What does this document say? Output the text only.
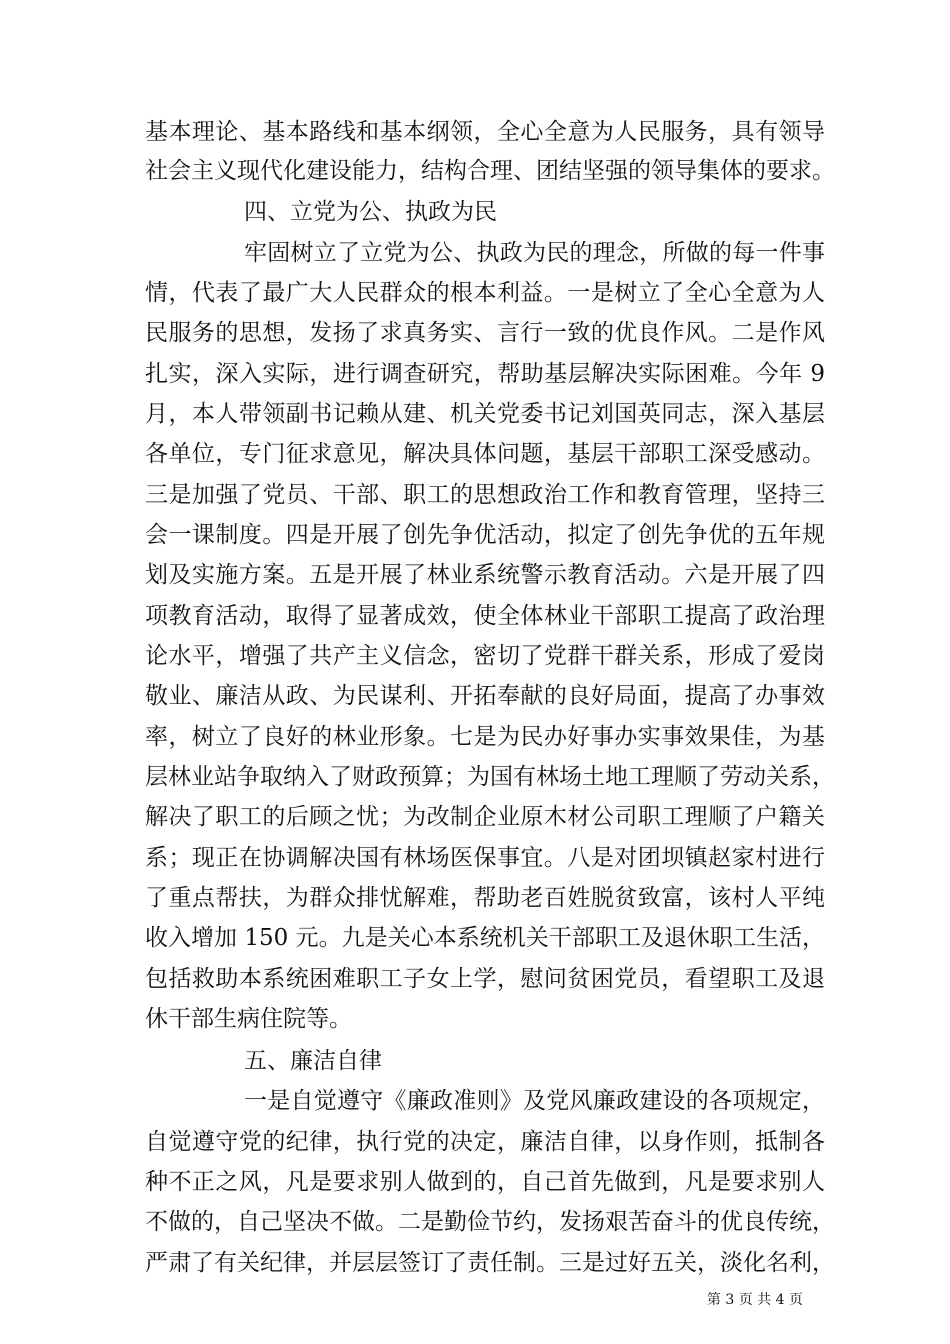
基本理论、基本路线和基本纲领，全心全意为人民服务，具有领导
社会主义现代化建设能力，结构合理、团结坚强的领导集体的要求。
四、立党为公、执政为民
牢固树立了立党为公、执政为民的理念，所做的每一件事
情，代表了最广大人民群众的根本利益。一是树立了全心全意为人
民服务的思想，发扬了求真务实、言行一致的优良作风。二是作风
扎实，深入实际，进行调查研究，帮助基层解决实际困难。今年 9
月，本人带领副书记赖从建、机关党委书记刘国英同志，深入基层
各单位，专门征求意见，解决具体问题，基层干部职工深受感动。
三是加强了党员、干部、职工的思想政治工作和教育管理，坚持三
会一课制度。四是开展了创先争优活动，拟定了创先争优的五年规
划及实施方案。五是开展了林业系统警示教育活动。六是开展了四
项教育活动，取得了显著成效，使全体林业干部职工提高了政治理
论水平，增强了共产主义信念，密切了党群干群关系，形成了爱岗
敬业、廉洁从政、为民谋利、开拓奉献的良好局面，提高了办事效
率，树立了良好的林业形象。七是为民办好事办实事效果佳，为基
层林业站争取纳入了财政预算；为国有林场土地工理顺了劳动关系，
解决了职工的后顾之忧；为改制企业原木材公司职工理顺了户籍关
系；现正在协调解决国有林场医保事宜。八是对团坝镇赵家村进行
了重点帮扶，为群众排忧解难，帮助老百姓脱贫致富，该村人平纯
收入增加 150 元。九是关心本系统机关干部职工及退休职工生活，
包括救助本系统困难职工子女上学，慰问贫困党员，看望职工及退
休干部生病住院等。
五、廉洁自律
一是自觉遵守《廉政准则》及党风廉政建设的各项规定，
自觉遵守党的纪律，执行党的决定，廉洁自律，以身作则，抵制各
种不正之风，凡是要求别人做到的，自己首先做到，凡是要求别人
不做的，自己坚决不做。二是勤俭节约，发扬艰苦奋斗的优良传统，
严肃了有关纪律，并层层签订了责任制。三是过好五关，淡化名利，
第 3 页 共 4 页
